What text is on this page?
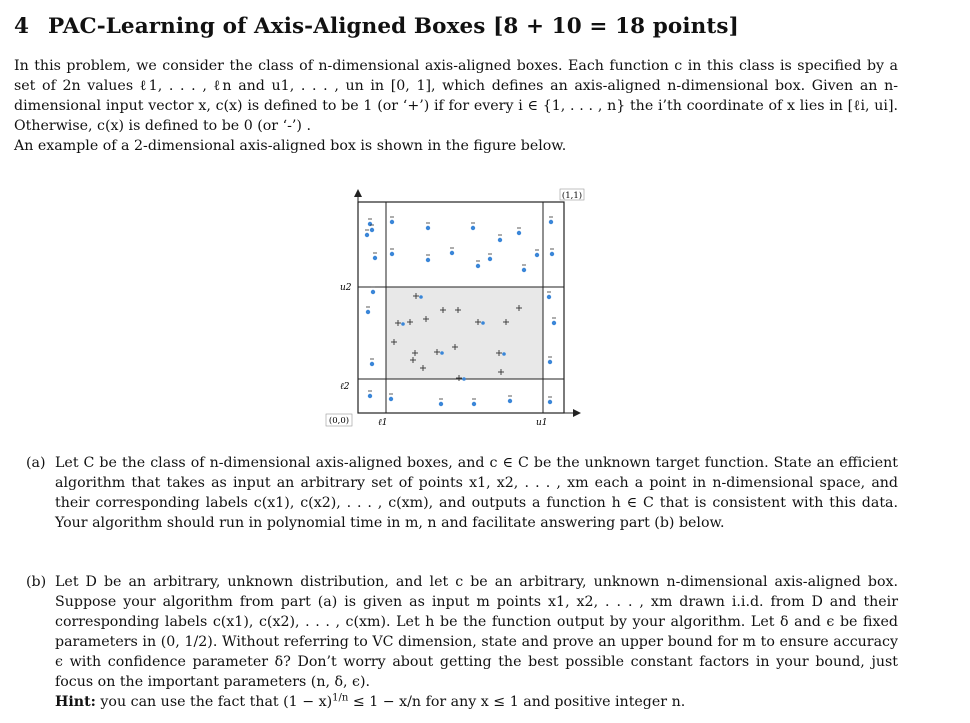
4 PAC-Learning of Axis-Aligned Boxes [8 + 10 = 18 points]

In this problem, we consider the class of n-dimensional axis-aligned boxes. Each function c in this class is specified by a set of 2n values ℓ1, . . . , ℓn and u1, . . . , un in [0, 1], which defines an axis-aligned n-dimensional box. Given an n-dimensional input vector x, c(x) is defined to be 1 (or ‘+’) if for every i ∈ {1, . . . , n} the i’th coordinate of x lies in [ℓi, ui]. Otherwise, c(x) is defined to be 0 (or ‘-’) .

An example of a 2-dimensional axis-aligned box is shown in the figure below.

(1,1)
(0,0)
u2
ℓ2
ℓ1	u1
(a) Let C be the class of n-dimensional axis-aligned boxes, and c ∈ C be the unknown target function. State an efficient algorithm that takes as input an arbitrary set of points x1, x2, . . . , xm each a point in n-dimensional space, and their corresponding labels c(x1), c(x2), . . . , c(xm), and outputs a function h ∈ C that is consistent with this data. Your algorithm should run in polynomial time in m, n and facilitate answering part (b) below.
(b) Let D be an arbitrary, unknown distribution, and let c be an arbitrary, unknown n-dimensional axis-aligned box. Suppose your algorithm from part (a) is given as input m points x1, x2, . . . , xm drawn i.i.d. from D and their corresponding labels c(x1), c(x2), . . . , c(xm). Let h be the function output by your algorithm. Let δ and ϵ be fixed parameters in (0, 1/2). Without referring to VC dimension, state and prove an upper bound for m to ensure accuracy ϵ with confidence parameter δ? Don’t worry about getting the best possible constant factors in your bound, just focus on the important parameters (n, δ, ϵ).
Hint: you can use the fact that $(1 - x)^{1/n} \le 1 - x/n$ for any x ≤ 1 and positive integer n.
